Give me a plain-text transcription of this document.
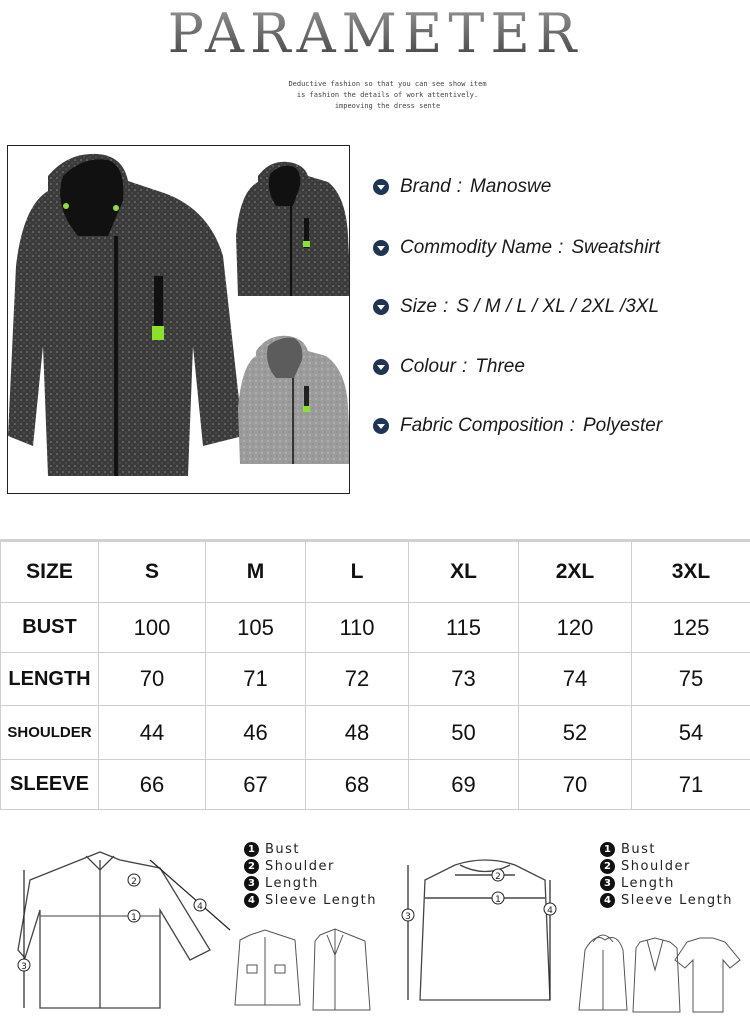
PARAMETER
Deductive fashion so that you can see show item
is fashion the details of work attentively.
impeoving the dress sente
Brand : Manoswe
Commodity Name : Sweatshirt
Size : S / M / L / XL / 2XL /3XL
Colour : Three
Fabric Composition : Polyester
SIZE	S	M	L	XL	2XL	3XL
BUST	100	105	110	115	120	125
LENGTH	70	71	72	73	74	75
SHOULDER	44	46	48	50	52	54
SLEEVE	66	67	68	69	70	71
1
2
3
4
1 Bust
2 Shoulder
3 Length
4 Sleeve Length	1
2
3
4
1 Bust
2 Shoulder
3 Length
4 Sleeve Length
